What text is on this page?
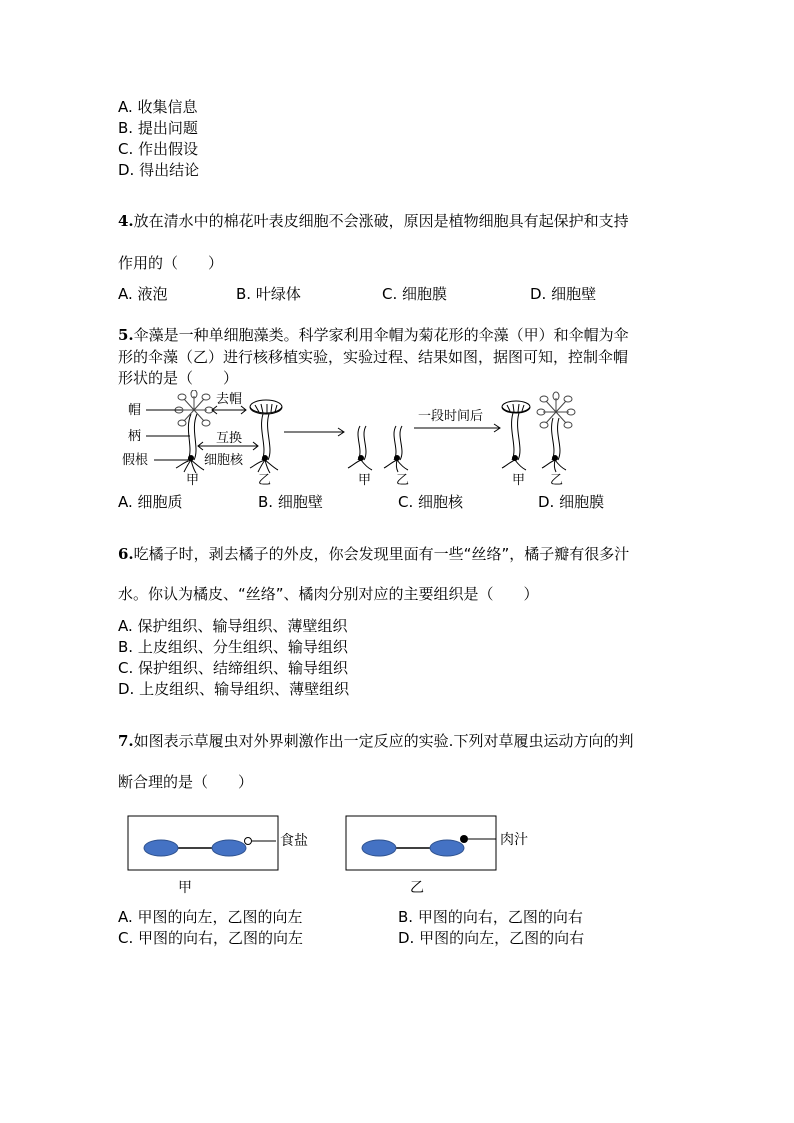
A. 收集信息
B. 提出问题
C. 作出假设
D. 得出结论
4.放在清水中的棉花叶表皮细胞不会涨破，原因是植物细胞具有起保护和支持
作用的（　　）
A. 液泡	B. 叶绿体	C. 细胞膜	D. 细胞壁
5.伞藻是一种单细胞藻类。科学家利用伞帽为菊花形的伞藻（甲）和伞帽为伞
形的伞藻（乙）进行核移植实验，实验过程、结果如图，据图可知，控制伞帽
形状的是（　　）
帽
柄
假根
去帽
互换
细胞核
一段时间后
甲	乙	甲 乙	甲 乙
A. 细胞质	B. 细胞壁	C. 细胞核	D. 细胞膜
6.吃橘子时，剥去橘子的外皮，你会发现里面有一些“丝络”，橘子瓣有很多汁
水。你认为橘皮、“丝络”、橘肉分别对应的主要组织是（　　）
A. 保护组织、输导组织、薄壁组织
B. 上皮组织、分生组织、输导组织
C. 保护组织、结缔组织、输导组织
D. 上皮组织、输导组织、薄壁组织
7.如图表示草履虫对外界刺激作出一定反应的实验.下列对草履虫运动方向的判
断合理的是（　　）
食盐
甲
肉汁
乙
A. 甲图的向左，乙图的向左	B. 甲图的向右，乙图的向右
C. 甲图的向右，乙图的向左	D. 甲图的向左，乙图的向右
